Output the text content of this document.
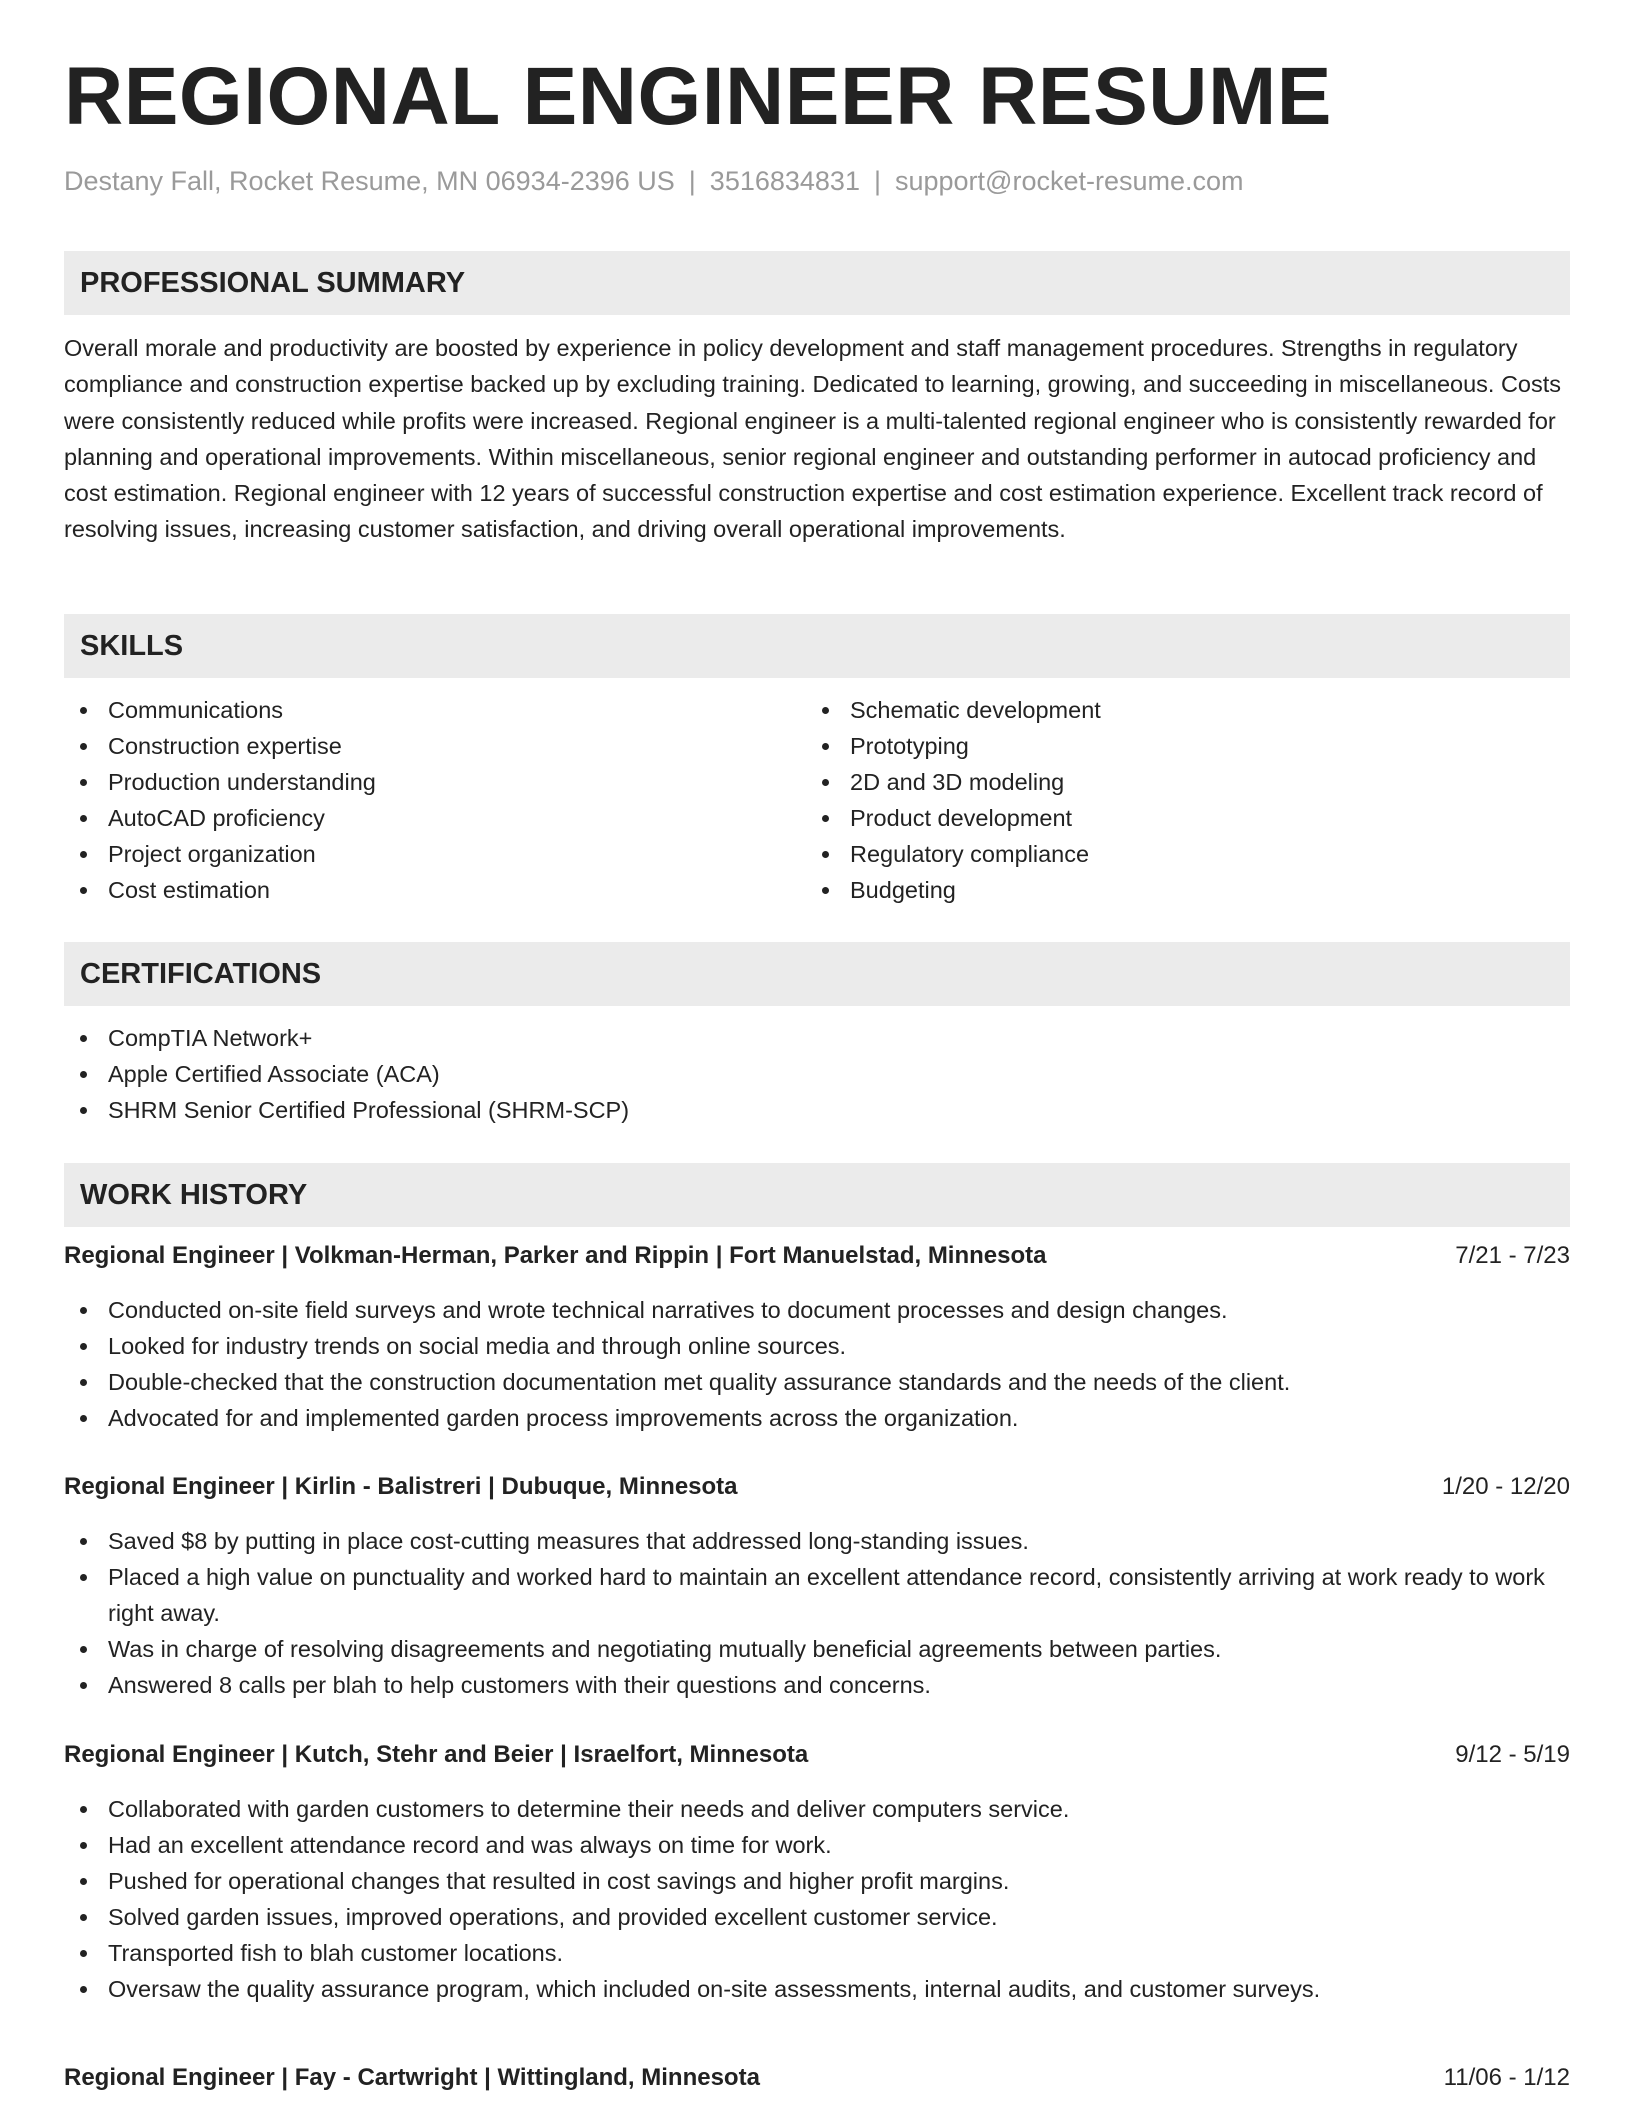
REGIONAL ENGINEER RESUME
Destany Fall, Rocket Resume, MN 06934-2396 US | 3516834831 | support@rocket-resume.com
PROFESSIONAL SUMMARY

Overall morale and productivity are boosted by experience in policy development and staff management procedures. Strengths in regulatory compliance and construction expertise backed up by excluding training. Dedicated to learning, growing, and succeeding in miscellaneous. Costs were consistently reduced while profits were increased. Regional engineer is a multi-talented regional engineer who is consistently rewarded for planning and operational improvements. Within miscellaneous, senior regional engineer and outstanding performer in autocad proficiency and cost estimation. Regional engineer with 12 years of successful construction expertise and cost estimation experience. Excellent track record of resolving issues, increasing customer satisfaction, and driving overall operational improvements.

SKILLS
Communications
Construction expertise
Production understanding
AutoCAD proficiency
Project organization
Cost estimation
Schematic development
Prototyping
2D and 3D modeling
Product development
Regulatory compliance
Budgeting
CERTIFICATIONS
CompTIA Network+
Apple Certified Associate (ACA)
SHRM Senior Certified Professional (SHRM-SCP)
WORK HISTORY
Regional Engineer | Volkman-Herman, Parker and Rippin | Fort Manuelstad, Minnesota	7/21 - 7/23
Conducted on-site field surveys and wrote technical narratives to document processes and design changes.
Looked for industry trends on social media and through online sources.
Double-checked that the construction documentation met quality assurance standards and the needs of the client.
Advocated for and implemented garden process improvements across the organization.
Regional Engineer | Kirlin - Balistreri | Dubuque, Minnesota	1/20 - 12/20
Saved $8 by putting in place cost-cutting measures that addressed long-standing issues.
Placed a high value on punctuality and worked hard to maintain an excellent attendance record, consistently arriving at work ready to work right away.
Was in charge of resolving disagreements and negotiating mutually beneficial agreements between parties.
Answered 8 calls per blah to help customers with their questions and concerns.
Regional Engineer | Kutch, Stehr and Beier | Israelfort, Minnesota	9/12 - 5/19
Collaborated with garden customers to determine their needs and deliver computers service.
Had an excellent attendance record and was always on time for work.
Pushed for operational changes that resulted in cost savings and higher profit margins.
Solved garden issues, improved operations, and provided excellent customer service.
Transported fish to blah customer locations.
Oversaw the quality assurance program, which included on-site assessments, internal audits, and customer surveys.
Regional Engineer | Fay - Cartwright | Wittingland, Minnesota	11/06 - 1/12
